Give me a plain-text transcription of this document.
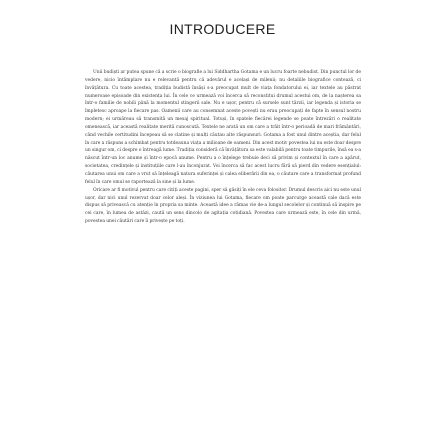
INTRODUCERE

Unii budiști ar putea spune că a scrie o biografie a lui Siddhartha Gotama e un lucru foarte nebudist. Din punctul lor de vedere, nicio întâmplare nu e relevantă pentru că adevărul e același de milenii; nu detaliile biografice contează, ci învățătura. Cu toate acestea, tradiția budistă însăși s-a preocupat mult de viața fondatorului ei, iar textele au păstrat numeroase episoade din existența lui. În cele ce urmează voi încerca să reconstitui drumul acestui om, de la nașterea sa într-o familie de nobili până la momentul stingerii sale. Nu e ușor, pentru că sursele sunt târzii, iar legenda și istoria se împletesc aproape la fiecare pas. Oamenii care au consemnat aceste povești nu erau preocupați de fapte în sensul nostru modern; ei urmăreau să transmită un mesaj spiritual. Totuși, în spatele fiecărei legende se poate întrezări o realitate omenească, iar această realitate merită cunoscută. Textele ne arată un om care a trăit într-o perioadă de mari frământări, când vechile certitudini începeau să se clatine și mulți căutau alte răspunsuri. Gotama a fost unul dintre aceștia, dar felul în care a răspuns a schimbat pentru totdeauna viața a milioane de oameni. Din acest motiv povestea lui nu este doar despre un singur om, ci despre o întreagă lume. Tradiția consideră că învățătura sa este valabilă pentru toate timpurile, însă ea s-a născut într-un loc anume și într-o epocă anume. Pentru a o înțelege trebuie deci să privim și contextul în care a apărut, societatea, credințele și instituțiile care l-au înconjurat. Voi încerca să fac acest lucru fără să pierd din vedere esențialul: căutarea unui om care a vrut să înțeleagă natura suferinței și calea eliberării din ea, o căutare care a transformat profund felul în care omul se raportează la sine și la lume.

Oricare ar fi motivul pentru care citiți aceste pagini, sper să găsiți în ele ceva folositor. Drumul descris aici nu este unul ușor, dar nici unul rezervat doar celor aleși. În viziunea lui Gotama, fiecare om poate parcurge această cale dacă este dispus să privească cu atenție în propria sa minte. Această idee a rămas vie de-a lungul secolelor și continuă să inspire pe cei care, în lumea de astăzi, caută un sens dincolo de agitația cotidiană. Povestea care urmează este, în cele din urmă, povestea unei căutări care îi privește pe toți.
